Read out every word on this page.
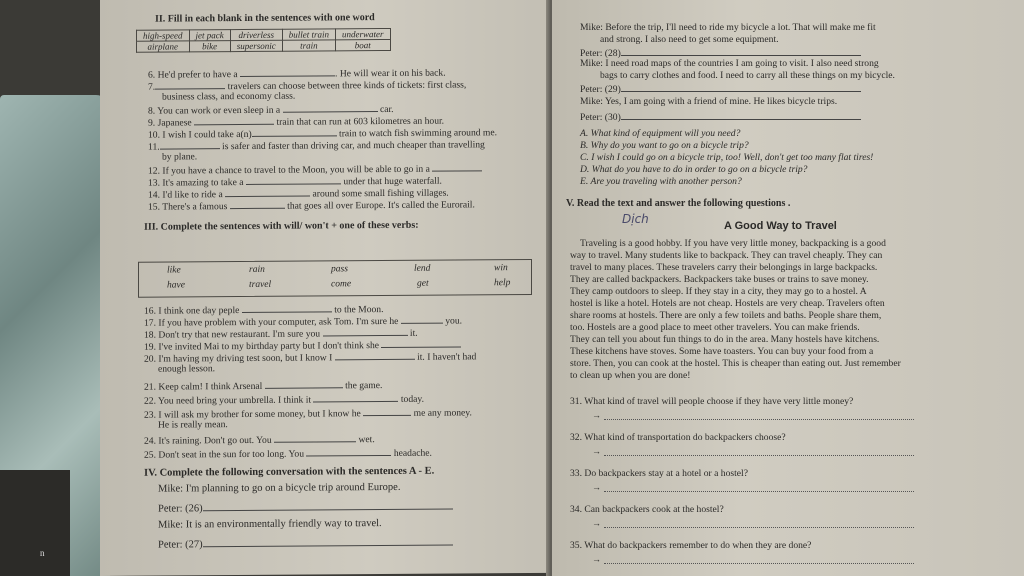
n
II. Fill in each blank in the sentences with one word
high-speed	jet pack	driverless	bullet train	underwater
airplane	bike	supersonic	train	boat
6. He'd prefer to have a	. He will wear it on his back.
7.	travelers can choose between three kinds of tickets: first class,
business class, and economy class.
8. You can work or even sleep in a	car.
9. Japanese	train that can run at 603 kilometres an hour.
10. I wish I could take a(n)	train to watch fish swimming around me.
11.	is safer and faster than driving car, and much cheaper than travelling
by plane.
12. If you have a chance to travel to the Moon, you will be able to go in a
13. It's amazing to take a	under that huge waterfall.
14. I'd like to ride a	around some small fishing villages.
15. There's a famous	that goes all over Europe. It's called the Eurorail.
III. Complete the sentences with will/ won't + one of these verbs:
like	rain	pass	lend	win
have	travel	come	get	help
16. I think one day peple	to the Moon.
17. If you have problem with your computer, ask Tom. I'm sure he	you.
18. Don't try that new restaurant. I'm sure you	it.
19. I've invited Mai to my birthday party but I don't think she
20. I'm having my driving test soon, but I know I	it. I haven't had
enough lesson.
21. Keep calm! I think Arsenal	the game.
22. You need bring your umbrella. I think it	today.
23. I will ask my brother for some money, but I know he	me any money.
He is really mean.
24. It's raining. Don't go out. You	wet.
25. Don't seat in the sun for too long. You	headache.
IV. Complete the following conversation with the sentences A - E.
Mike: I'm planning to go on a bicycle trip around Europe.
Peter: (26)
Mike: It is an environmentally friendly way to travel.
Peter: (27)
Mike: Before the trip, I'll need to ride my bicycle a lot. That will make me fit
and strong. I also need to get some equipment.
Peter: (28)
Mike: I need road maps of the countries I am going to visit. I also need strong
bags to carry clothes and food. I need to carry all these things on my bicycle.
Peter: (29)
Mike: Yes, I am going with a friend of mine. He likes bicycle trips.
Peter: (30)
A. What kind of equipment will you need?
B. Why do you want to go on a bicycle trip?
C. I wish I could go on a bicycle trip, too! Well, don't get too many flat tires!
D. What do you have to do in order to go on a bicycle trip?
E. Are you traveling with another person?
V. Read the text and answer the following questions .
Dịch	A Good Way to Travel
Traveling is a good hobby. If you have very little money, backpacking is a good
way to travel. Many students like to backpack. They can travel cheaply. They can
travel to many places. These travelers carry their belongings in large backpacks.
They are called backpackers. Backpackers take buses or trains to save money.
They camp outdoors to sleep. If they stay in a city, they may go to a hostel. A
hostel is like a hotel. Hotels are not cheap. Hostels are very cheap. Travelers often
share rooms at hostels. There are only a few toilets and baths. People share them,
too. Hostels are a good place to meet other travelers. You can make friends.
They can tell you about fun things to do in the area. Many hostels have kitchens.
These kitchens have stoves. Some have toasters. You can buy your food from a
store. Then, you can cook at the hostel. This is cheaper than eating out. Just remember
to clean up when you are done!
31. What kind of travel will people choose if they have very little money?
→
32. What kind of transportation do backpackers choose?
→
33. Do backpackers stay at a hotel or a hostel?
→
34. Can backpackers cook at the hostel?
→
35. What do backpackers remember to do when they are done?
→
